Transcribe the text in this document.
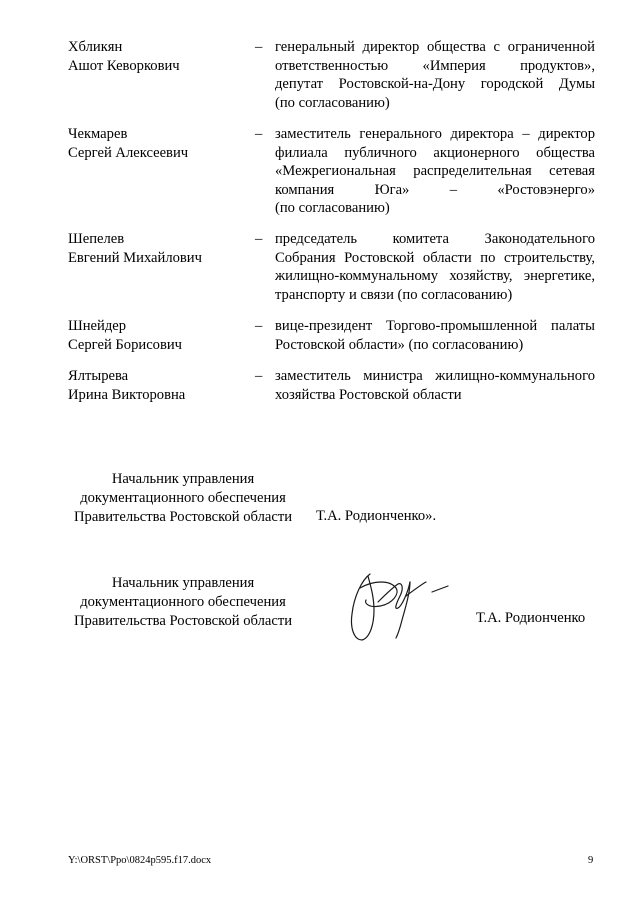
Хбликян
Ашот Кеворкович
– генеральный директор общества с ограниченной
ответственностью «Империя продуктов»,
депутат Ростовской-на-Дону городской Думы
(по согласованию)
Чекмарев
Сергей Алексеевич
– заместитель генерального директора – директор
филиала публичного акционерного общества
«Межрегиональная распределительная сетевая
компания Юга» – «Ростовэнерго»
(по согласованию)
Шепелев
Евгений Михайлович
– председатель комитета Законодательного
Собрания Ростовской области по строительству,
жилищно-коммунальному хозяйству, энергетике,
транспорту и связи (по согласованию)
Шнейдер
Сергей Борисович
– вице-президент Торгово-промышленной палаты
Ростовской области» (по согласованию)
Ялтырева
Ирина Викторовна
– заместитель министра жилищно-коммунального
хозяйства Ростовской области
Начальник управления
документационного обеспечения
Правительства Ростовской области	Т.А. Родионченко».
Начальник управления
документационного обеспечения
Правительства Ростовской области	Т.А. Родионченко
Y:\ORST\Ppo\0824p595.f17.docx	9
